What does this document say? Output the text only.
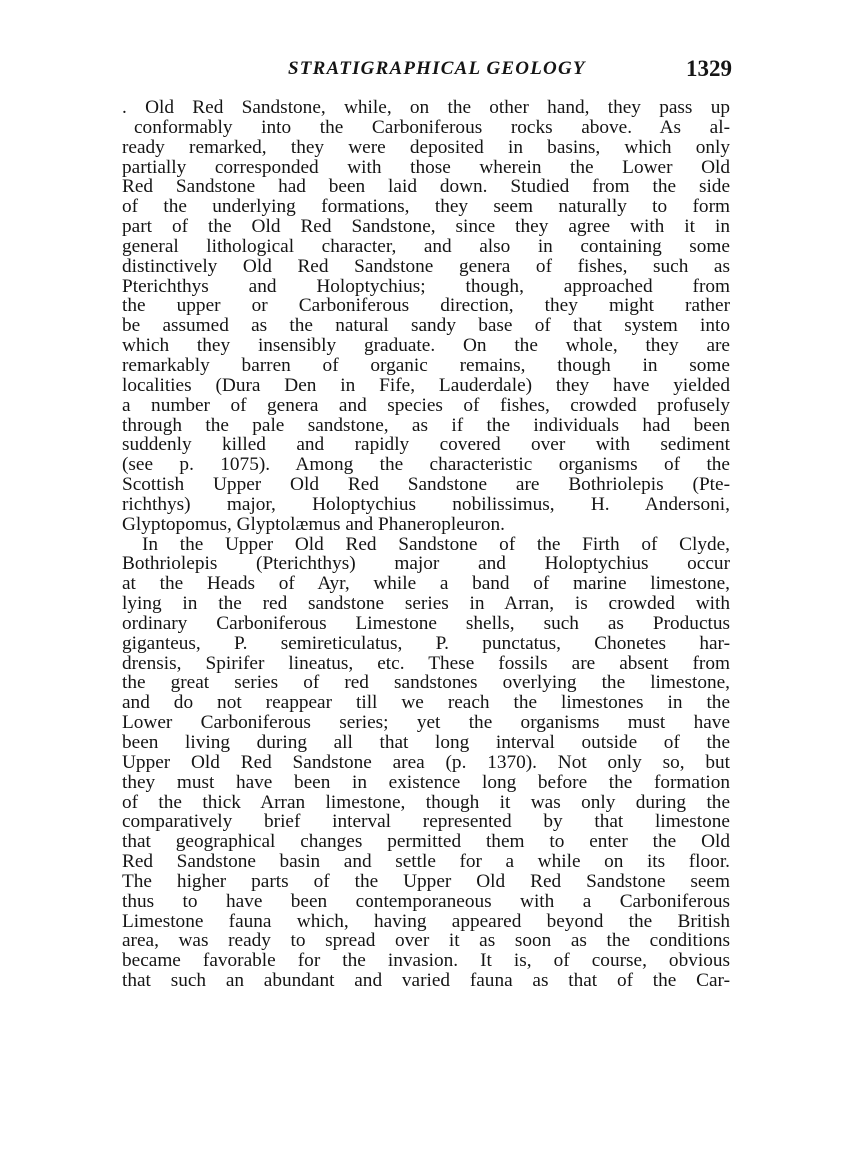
STRATIGRAPHICAL GEOLOGY	1329
. Old Red Sandstone, while, on the other hand, they pass up
conformably into the Carboniferous rocks above. As al-
ready remarked, they were deposited in basins, which only
partially corresponded with those wherein the Lower Old
Red Sandstone had been laid down. Studied from the side
of the underlying formations, they seem naturally to form
part of the Old Red Sandstone, since they agree with it in
general lithological character, and also in containing some
distinctively Old Red Sandstone genera of fishes, such as
Pterichthys and Holoptychius; though, approached from
the upper or Carboniferous direction, they might rather
be assumed as the natural sandy base of that system into
which they insensibly graduate. On the whole, they are
remarkably barren of organic remains, though in some
localities (Dura Den in Fife, Lauderdale) they have yielded
a number of genera and species of fishes, crowded profusely
through the pale sandstone, as if the individuals had been
suddenly killed and rapidly covered over with sediment
(see p. 1075). Among the characteristic organisms of the
Scottish Upper Old Red Sandstone are Bothriolepis (Pte-
richthys) major, Holoptychius nobilissimus, H. Andersoni,
Glyptopomus, Glyptolæmus and Phaneropleuron.
In the Upper Old Red Sandstone of the Firth of Clyde,
Bothriolepis (Pterichthys) major and Holoptychius occur
at the Heads of Ayr, while a band of marine limestone,
lying in the red sandstone series in Arran, is crowded with
ordinary Carboniferous Limestone shells, such as Productus
giganteus, P. semireticulatus, P. punctatus, Chonetes har-
drensis, Spirifer lineatus, etc. These fossils are absent from
the great series of red sandstones overlying the limestone,
and do not reappear till we reach the limestones in the
Lower Carboniferous series; yet the organisms must have
been living during all that long interval outside of the
Upper Old Red Sandstone area (p. 1370). Not only so, but
they must have been in existence long before the formation
of the thick Arran limestone, though it was only during the
comparatively brief interval represented by that limestone
that geographical changes permitted them to enter the Old
Red Sandstone basin and settle for a while on its floor.
The higher parts of the Upper Old Red Sandstone seem
thus to have been contemporaneous with a Carboniferous
Limestone fauna which, having appeared beyond the British
area, was ready to spread over it as soon as the conditions
became favorable for the invasion. It is, of course, obvious
that such an abundant and varied fauna as that of the Car-
